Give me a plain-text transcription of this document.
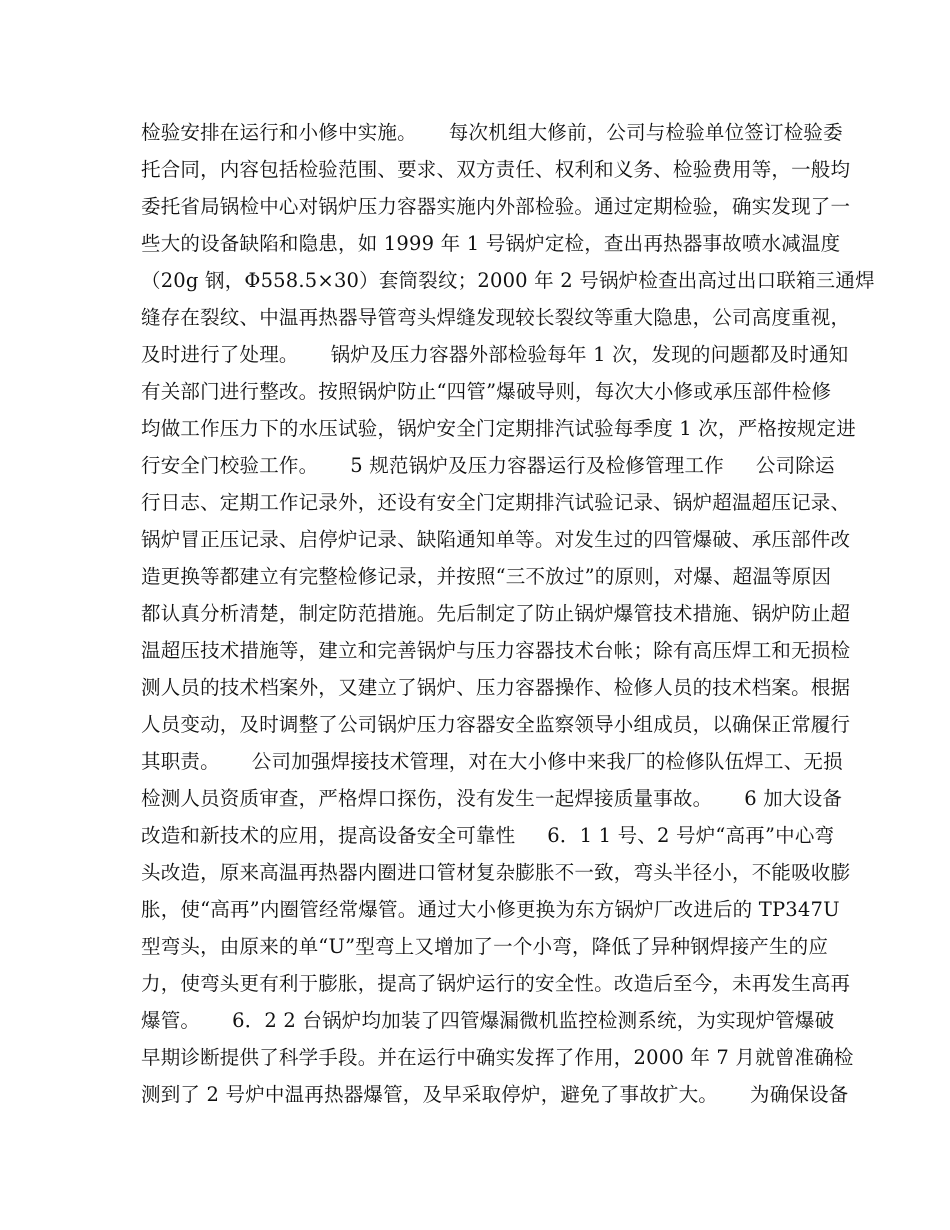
检验安排在运行和小修中实施。     每次机组大修前，公司与检验单位签订检验委
托合同，内容包括检验范围、要求、双方责任、权利和义务、检验费用等，一般均
委托省局锅检中心对锅炉压力容器实施内外部检验。通过定期检验，确实发现了一
些大的设备缺陷和隐患，如 1999 年 1 号锅炉定检，查出再热器事故喷水减温度
（20g 钢，Φ558.5×30）套筒裂纹；2000 年 2 号锅炉检查出高过出口联箱三通焊
缝存在裂纹、中温再热器导管弯头焊缝发现较长裂纹等重大隐患，公司高度重视，
及时进行了处理。     锅炉及压力容器外部检验每年 1 次，发现的问题都及时通知
有关部门进行整改。按照锅炉防止“四管”爆破导则，每次大小修或承压部件检修
均做工作压力下的水压试验，锅炉安全门定期排汽试验每季度 1 次，严格按规定进
行安全门校验工作。     5 规范锅炉及压力容器运行及检修管理工作     公司除运
行日志、定期工作记录外，还设有安全门定期排汽试验记录、锅炉超温超压记录、
锅炉冒正压记录、启停炉记录、缺陷通知单等。对发生过的四管爆破、承压部件改
造更换等都建立有完整检修记录，并按照“三不放过”的原则，对爆、超温等原因
都认真分析清楚，制定防范措施。先后制定了防止锅炉爆管技术措施、锅炉防止超
温超压技术措施等，建立和完善锅炉与压力容器技术台帐；除有高压焊工和无损检
测人员的技术档案外，又建立了锅炉、压力容器操作、检修人员的技术档案。根据
人员变动，及时调整了公司锅炉压力容器安全监察领导小组成员，以确保正常履行
其职责。     公司加强焊接技术管理，对在大小修中来我厂的检修队伍焊工、无损
检测人员资质审查，严格焊口探伤，没有发生一起焊接质量事故。     6 加大设备
改造和新技术的应用，提高设备安全可靠性     6．1 1 号、2 号炉“高再”中心弯
头改造，原来高温再热器内圈进口管材复杂膨胀不一致，弯头半径小，不能吸收膨
胀，使“高再”内圈管经常爆管。通过大小修更换为东方锅炉厂改进后的 TP347U
型弯头，由原来的单“U”型弯上又增加了一个小弯，降低了异种钢焊接产生的应
力，使弯头更有利于膨胀，提高了锅炉运行的安全性。改造后至今，未再发生高再
爆管。     6．2 2 台锅炉均加装了四管爆漏微机监控检测系统，为实现炉管爆破
早期诊断提供了科学手段。并在运行中确实发挥了作用，2000 年 7 月就曾准确检
测到了 2 号炉中温再热器爆管，及早采取停炉，避免了事故扩大。     为确保设备
